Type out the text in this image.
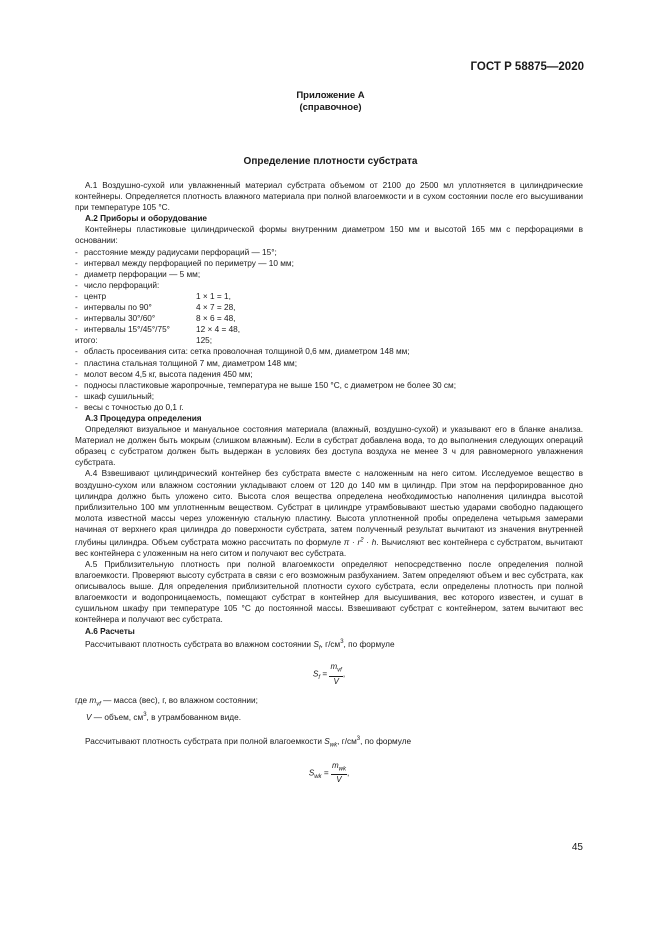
ГОСТ Р 58875—2020
Приложение А
(справочное)
Определение плотности субстрата

А.1 Воздушно-сухой или увлажненный материал субстрата объемом от 2100 до 2500 мл уплотняется в цилиндрические контейнеры. Определяется плотность влажного материала при полной влагоемкости и в сухом состоянии после его высушивании при температуре 105 °С.

А.2 Приборы и оборудование

Контейнеры пластиковые цилиндрической формы внутренним диаметром 150 мм и высотой 165 мм с перфорациями в основании:

- расстояние между радиусами перфораций — 15°;
- интервал между перфорацией по периметру — 10 мм;
- диаметр перфорации — 5 мм;
- число перфораций:
- центр	1 × 1 = 1,
- интервалы по 90°	4 × 7 = 28,
- интервалы 30°/60°	8 × 6 = 48,
- интервалы 15°/45°/75°	12 × 4 = 48,
итого:	125;
- область просеивания сита: сетка проволочная толщиной 0,6 мм, диаметром 148 мм;
- пластина стальная толщиной 7 мм, диаметром 148 мм;
- молот весом 4,5 кг, высота падения 450 мм;
- подносы пластиковые жаропрочные, температура не выше 150 °С, с диаметром не более 30 см;
- шкаф сушильный;
- весы с точностью до 0,1 г.

А.3 Процедура определения

Определяют визуальное и мануальное состояния материала (влажный, воздушно-сухой) и указывают его в бланке анализа. Материал не должен быть мокрым (слишком влажным). Если в субстрат добавлена вода, то до выполнения следующих операций образец с субстратом должен быть выдержан в условиях без доступа воздуха не менее 3 ч для равномерного увлажнения субстрата.

А.4 Взвешивают цилиндрический контейнер без субстрата вместе с наложенным на него ситом. Исследуемое вещество в воздушно-сухом или влажном состоянии укладывают слоем от 120 до 140 мм в цилиндр. При этом на перфорированное дно цилиндра должно быть уложено сито. Высота слоя вещества определена необходимостью наполнения цилиндра высотой приблизительно 100 мм уплотненным веществом. Субстрат в цилиндре утрамбовывают шестью ударами свободно падающего молота известной массы через уложенную стальную пластину. Высота уплотненной пробы определена четырьмя замерами начиная от верхнего края цилиндра до поверхности субстрата, затем полученный результат вычитают из значения внутренней глубины цилиндра. Объем субстрата можно рассчитать по формуле $\pi \cdot r^2 \cdot h$. Вычисляют вес контейнера с субстратом, вычитают вес контейнера с уложенным на него ситом и получают вес субстрата.

А.5 Приблизительную плотность при полной влагоемкости определяют непосредственно после определения полной влагоемкости. Проверяют высоту субстрата в связи с его возможным разбуханием. Затем определяют объем и вес субстрата, как описывалось выше. Для определения приблизительной плотности сухого субстрата, если определены плотность при полной влагоемкости и водопроницаемость, помещают субстрат в контейнер для высушивания, вес которого известен, и сушат в сушильном шкафу при температуре 105 °С до постоянной массы. Взвешивают субстрат с контейнером, затем вычитают вес контейнера и получают вес субстрата.

А.6 Расчеты

Рассчитывают плотность субстрата во влажном состоянии $S_f$, $г/см^3$, по формуле

$S_f = \frac{m_{vf}}{V}$ ,

где $m_{vf}$ — масса (вес), г, во влажном состоянии;

V — объем, $см^3$, в утрамбованном виде.

Рассчитывают плотность субстрата при полной влагоемкости $S_{wk}$, $г/см^3$, по формуле

$S_{wk} = \frac{m_{wk}}{V}$ ,
45
